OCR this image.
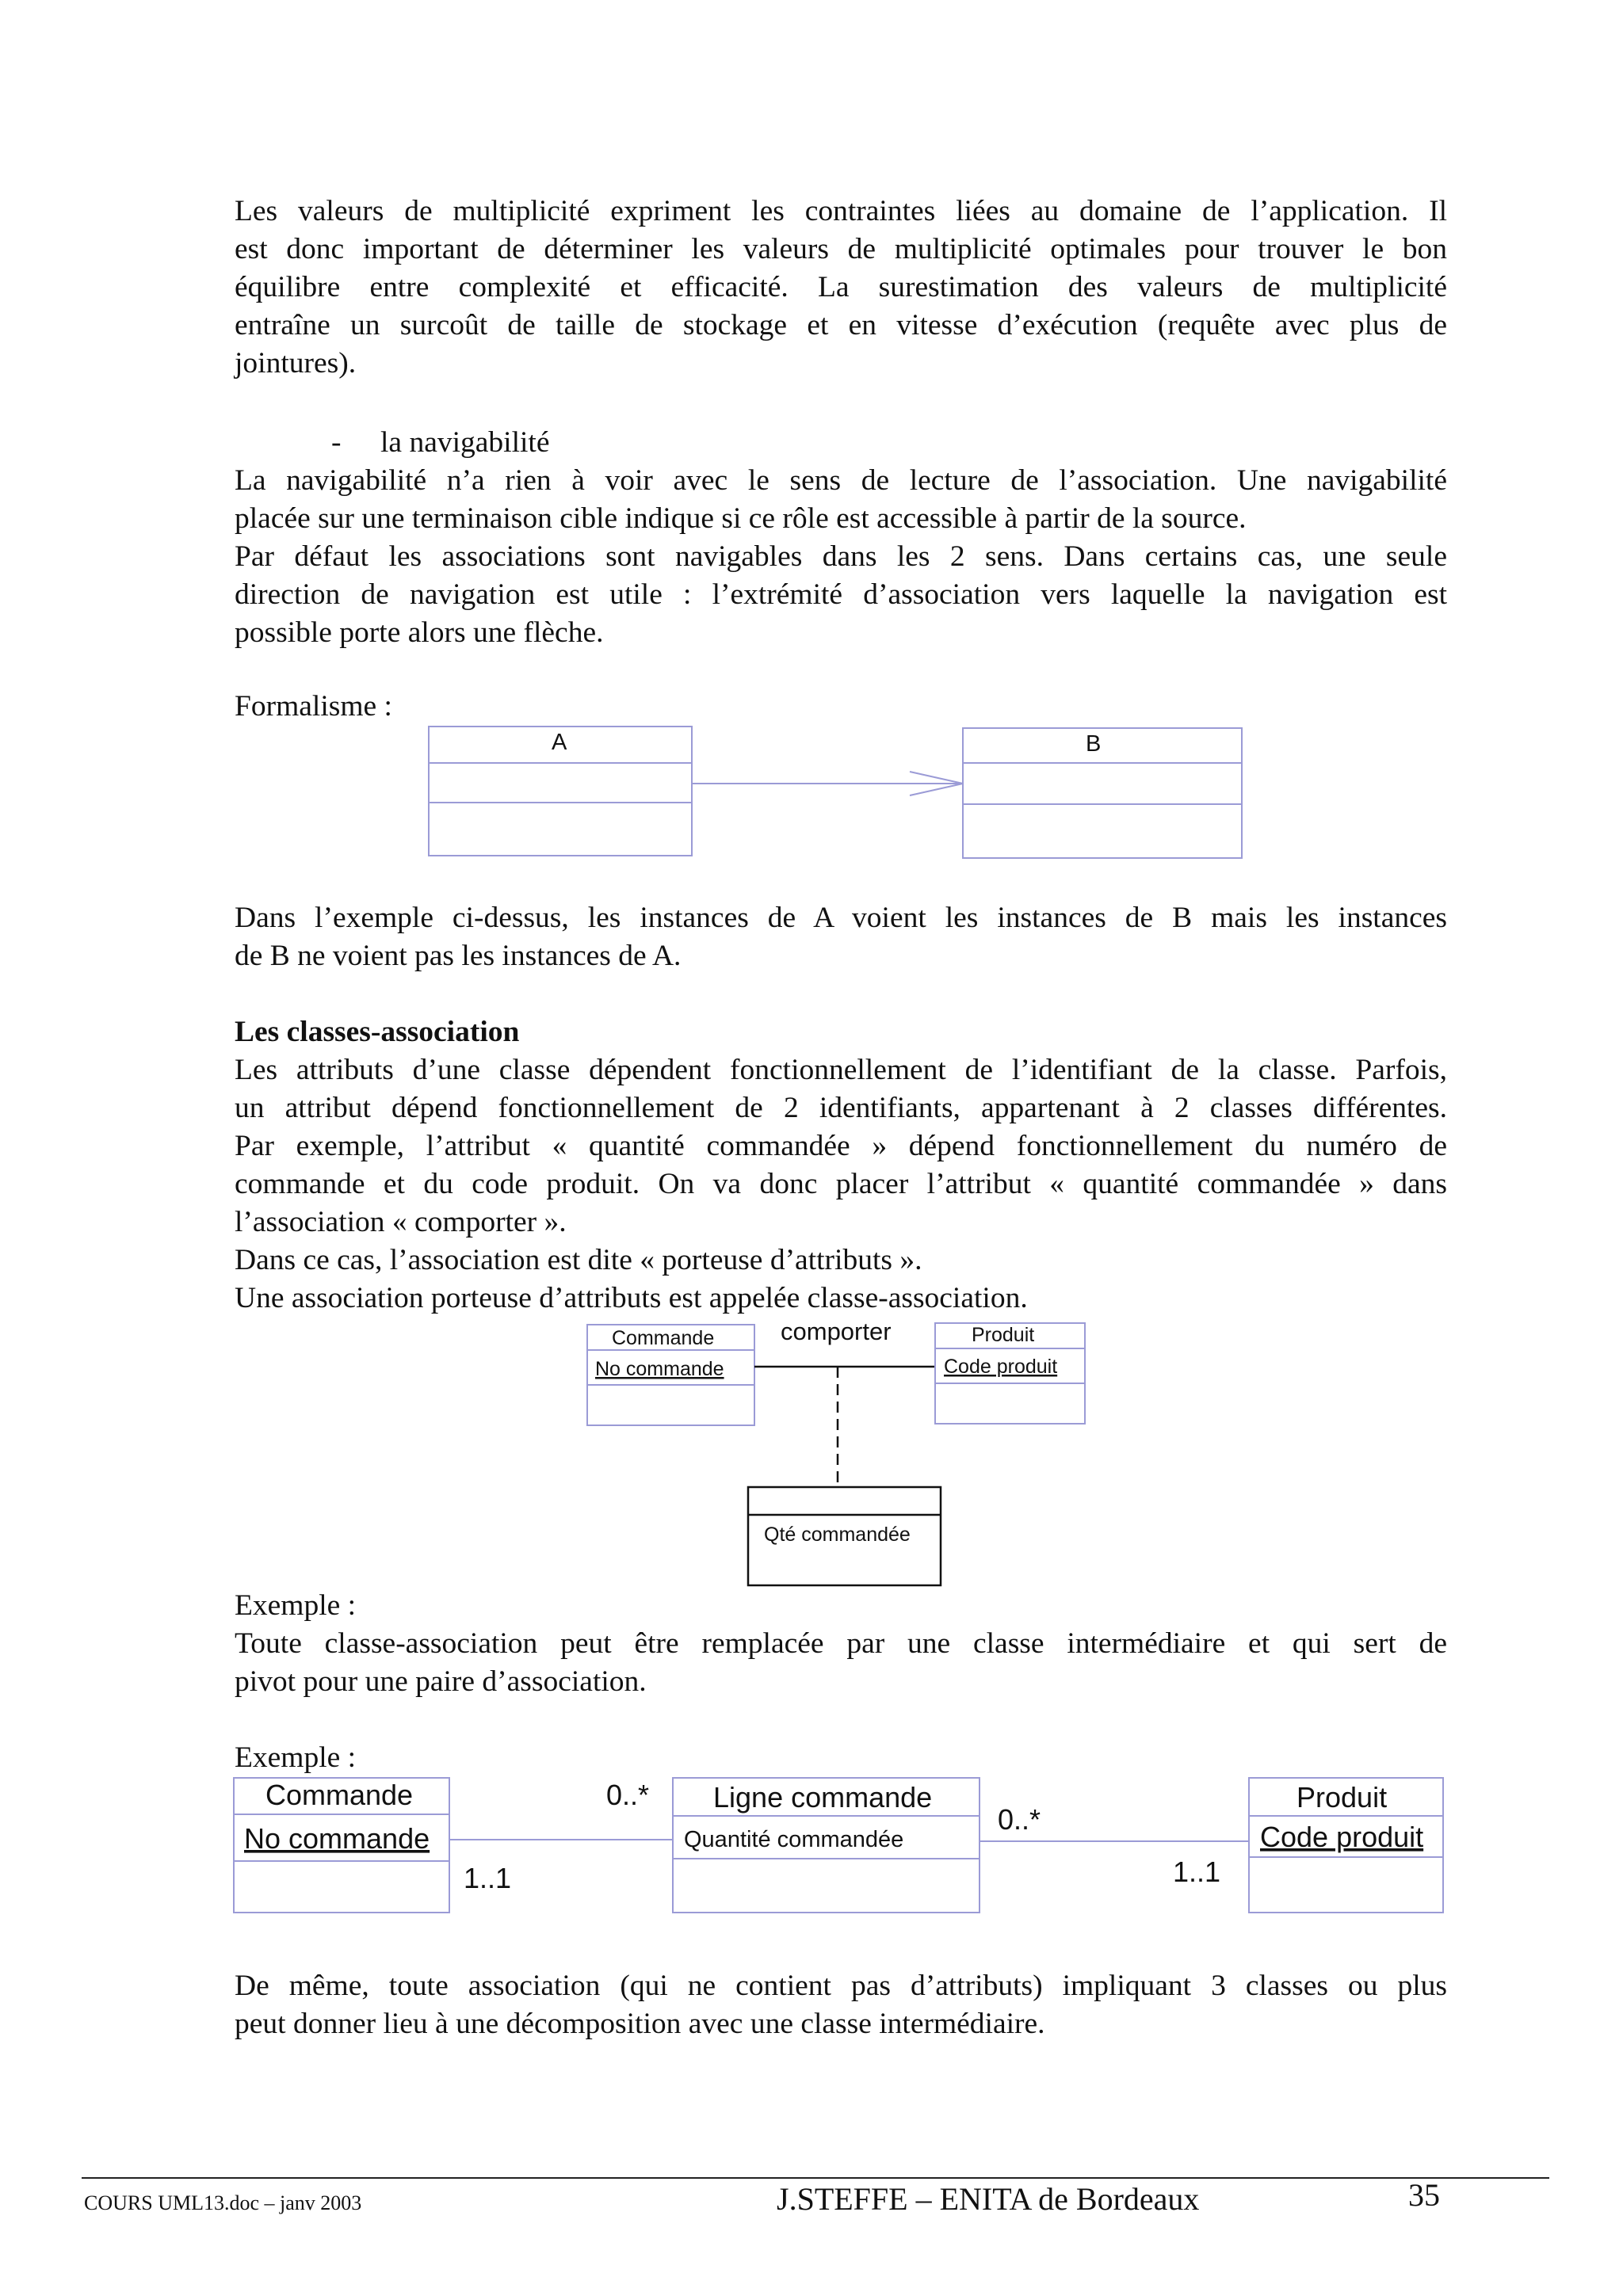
Les valeurs de multiplicité expriment les contraintes liées au domaine de l’application. Il
est donc important de déterminer les valeurs de multiplicité optimales pour trouver le bon
équilibre entre complexité et efficacité. La surestimation des valeurs de multiplicité
entraîne un surcoût de taille de stockage et en vitesse d’exécution (requête avec plus de
jointures).
- la navigabilité
La navigabilité n’a rien à voir avec le sens de lecture de l’association. Une navigabilité
placée sur une terminaison cible indique si ce rôle est accessible à partir de la source.
Par défaut les associations sont navigables dans les 2 sens. Dans certains cas, une seule
direction de navigation est utile : l’extrémité d’association vers laquelle la navigation est
possible porte alors une flèche.
Formalisme :
A	B
Dans l’exemple ci-dessus, les instances de A voient les instances de B mais les instances
de B ne voient pas les instances de A.
Les classes-association
Les attributs d’une classe dépendent fonctionnellement de l’identifiant de la classe. Parfois,
un attribut dépend fonctionnellement de 2 identifiants, appartenant à 2 classes différentes.
Par exemple, l’attribut « quantité commandée » dépend fonctionnellement du numéro de
commande et du code produit. On va donc placer l’attribut « quantité commandée » dans
l’association « comporter ».
Dans ce cas, l’association est dite « porteuse d’attributs ».
Une association porteuse d’attributs est appelée classe-association.
Commande
No commande
comporter	Produit
Code produit
Qté commandée
Exemple :
Toute classe-association peut être remplacée par une classe intermédiaire et qui sert de
pivot pour une paire d’association.
Exemple :
Commande
No commande
1..1
0..* Ligne commande
Quantité commandée
0..*
1..1
Produit
Code produit
De même, toute association (qui ne contient pas d’attributs) impliquant 3 classes ou plus
peut donner lieu à une décomposition avec une classe intermédiaire.
COURS UML13.doc – janv 2003	J.STEFFE – ENITA de Bordeaux	35
